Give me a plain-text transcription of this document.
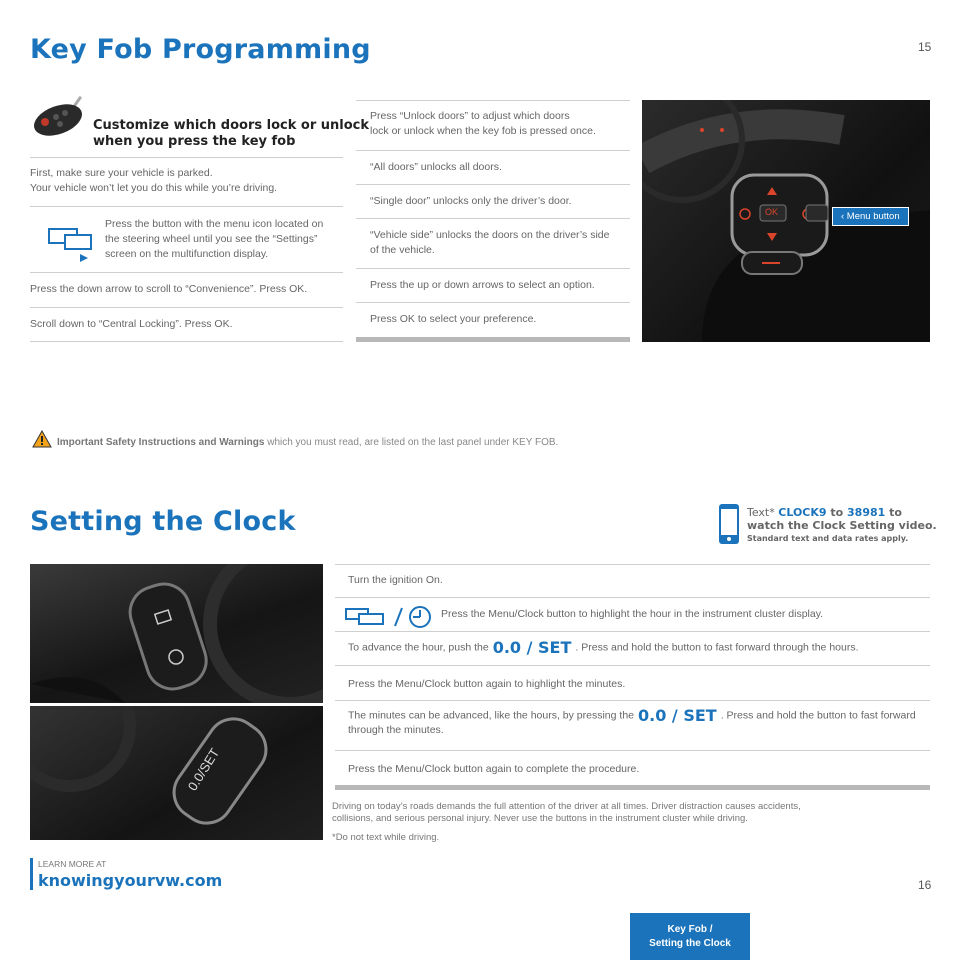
Key Fob Programming	15
Customize which doors lock or unlock
when you press the key fob
First, make sure your vehicle is parked.
Your vehicle won’t let you do this while you’re driving.
Press the button with the menu icon located on
the steering wheel until you see the “Settings”
screen on the multifunction display.
Press the down arrow to scroll to “Convenience”. Press OK.
Scroll down to “Central Locking”. Press OK.
Press “Unlock doors” to adjust which doors
lock or unlock when the key fob is pressed once.
“All doors” unlocks all doors.
“Single door” unlocks only the driver’s door.
“Vehicle side” unlocks the doors on the driver’s side
of the vehicle.
Press the up or down arrows to select an option.
Press OK to select your preference.
OK	‹ Menu button
Important Safety Instructions and Warnings which you must read, are listed on the last panel under KEY FOB.
Setting the Clock	Text* CLOCK9 to 38981 to
watch the Clock Setting video.
Standard text and data rates apply.
0.0/SET
Turn the ignition On.
Press the Menu/Clock button to highlight the hour in the instrument cluster display.
To advance the hour, push the 0.0 / SET . Press and hold the button to fast forward through the hours.
Press the Menu/Clock button again to highlight the minutes.
The minutes can be advanced, like the hours, by pressing the 0.0 / SET . Press and hold the button to fast forward
through the minutes.
Press the Menu/Clock button again to complete the procedure.
Driving on today’s roads demands the full attention of the driver at all times. Driver distraction causes accidents,
collisions, and serious personal injury. Never use the buttons in the instrument cluster while driving.
*Do not text while driving.
LEARN MORE AT
knowingyourvw.com	16
Key Fob /
Setting the Clock
